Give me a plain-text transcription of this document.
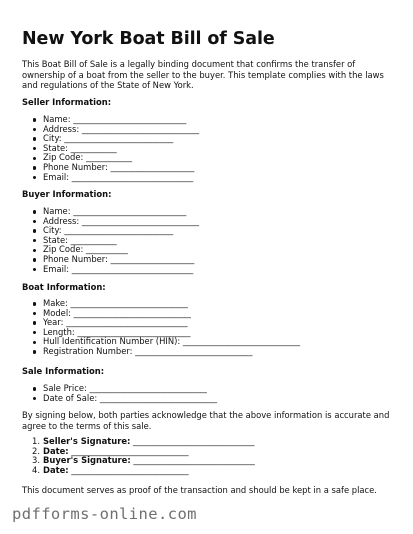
New York Boat Bill of Sale

This Boat Bill of Sale is a legally binding document that confirms the transfer of ownership of a boat from the seller to the buyer. This template complies with the laws and regulations of the State of New York.

Seller Information:

Name: ___________________________
Address: ____________________________
City: __________________________
State: ___________
Zip Code: ___________
Phone Number: ____________________
Email: _____________________________

Buyer Information:

Name: ___________________________
Address: ____________________________
City: __________________________
State: ___________
Zip Code: __________
Phone Number: ____________________
Email: _____________________________

Boat Information:

Make: ____________________________
Model: ____________________________
Year: _____________________________
Length: ___________________________
Hull Identification Number (HIN): ____________________________
Registration Number: ____________________________

Sale Information:

Sale Price: ____________________________
Date of Sale: ____________________________

By signing below, both parties acknowledge that the above information is accurate and agree to the terms of this sale.

1. Seller's Signature: _____________________________
2. Date: ____________________________
3. Buyer's Signature: _____________________________
4. Date: ____________________________

This document serves as proof of the transaction and should be kept in a safe place.

pdfforms-online.com
